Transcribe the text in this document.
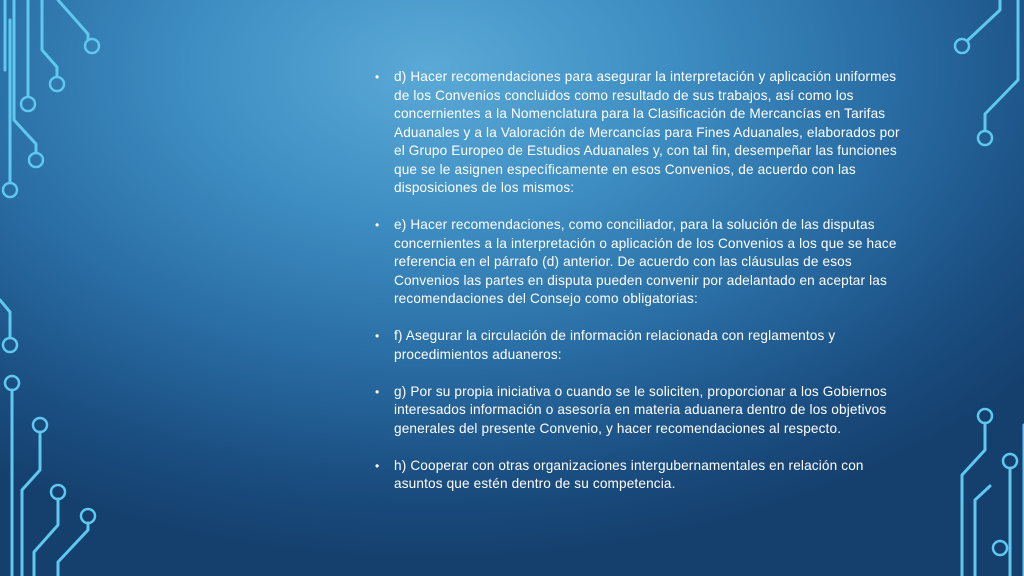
• d) Hacer recomendaciones para asegurar la interpretación y aplicación uniformes de los Convenios concluidos como resultado de sus trabajos, así como los concernientes a la Nomenclatura para la Clasificación de Mercancías en Tarifas Aduanales y a la Valoración de Mercancías para Fines Aduanales, elaborados por el Grupo Europeo de Estudios Aduanales y, con tal fin, desempeñar las funciones que se le asignen específicamente en esos Convenios, de acuerdo con las disposiciones de los mismos:
• e) Hacer recomendaciones, como conciliador, para la solución de las disputas concernientes a la interpretación o aplicación de los Convenios a los que se hace referencia en el párrafo (d) anterior. De acuerdo con las cláusulas de esos Convenios las partes en disputa pueden convenir por adelantado en aceptar las recomendaciones del Consejo como obligatorias:
• f) Asegurar la circulación de información relacionada con reglamentos y procedimientos aduaneros:
• g) Por su propia iniciativa o cuando se le soliciten, proporcionar a los Gobiernos interesados información o asesoría en materia aduanera dentro de los objetivos generales del presente Convenio, y hacer recomendaciones al respecto.
• h) Cooperar con otras organizaciones intergubernamentales en relación con asuntos que estén dentro de su competencia.
